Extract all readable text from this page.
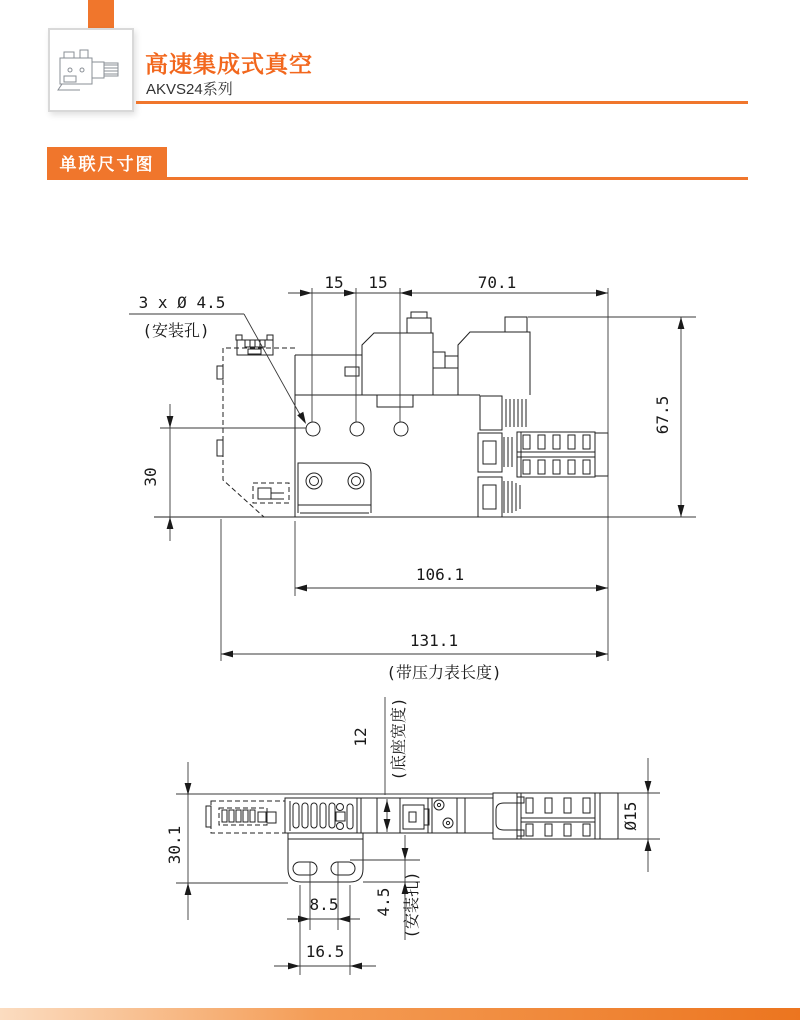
高速集成式真空
AKVS24系列
单联尺寸图
15 15	70.1
3 x Ø 4.5
(安装孔)
67.5
30
106.1
131.1
(带压力表长度)
30.1
12 (底座宽度)
Ø15
4.5 (安装孔)
8.5
16.5
